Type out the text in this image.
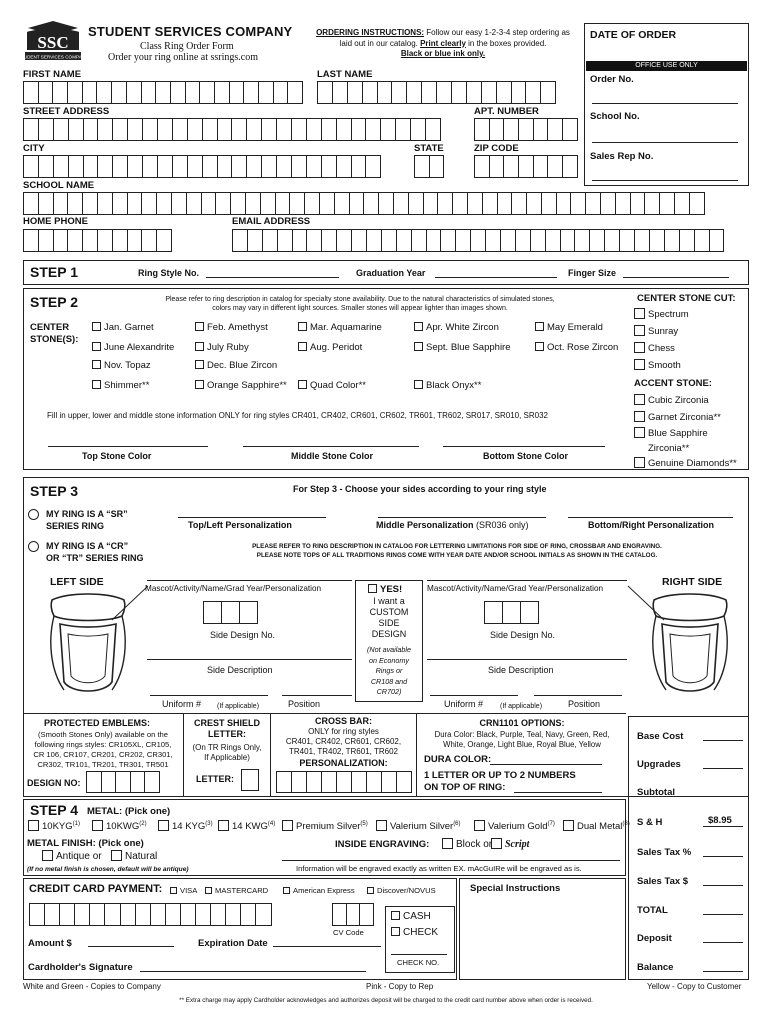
SSC
STUDENT SERVICES COMPANY
STUDENT SERVICES COMPANY
Class Ring Order Form
Order your ring online at ssrings.com
ORDERING INSTRUCTIONS: Follow our easy 1-2-3-4 step ordering as
laid out in our catalog. Print clearly in the boxes provided.
Black or blue ink only.
DATE OF ORDER
OFFICE USE ONLY
Order No.
School No.
Sales Rep No.
FIRST NAME	LAST NAME
STREET ADDRESS	APT. NUMBER
CITY	STATE	ZIP CODE
SCHOOL NAME
HOME PHONE	EMAIL ADDRESS
STEP 1	Ring Style No.	Graduation Year	Finger Size
STEP 2	Please refer to ring description in catalog for specialty stone availability. Due to the natural characteristics of simulated stones,
colors may vary in different light sources. Smaller stones will appear lighter than images shown.
CENTER
STONE(S):
Fill in upper, lower and middle stone information ONLY for ring styles CR401, CR402, CR601, CR602, TR601, TR602, SR017, SR010, SR032
Top Stone Color	Middle Stone Color	Bottom Stone Color
CENTER STONE CUT:
ACCENT STONE:
STEP 3	For Step 3 - Choose your sides according to your ring style
MY RING IS A “SR”
SERIES RING	Top/Left Personalization	Middle Personalization (SR036 only)	Bottom/Right Personalization
MY RING IS A “CR”
OR “TR” SERIES RING
PLEASE REFER TO RING DESCRIPTION IN CATALOG FOR LETTERING LIMITATIONS FOR SIDE OF RING, CROSSBAR AND ENGRAVING.
PLEASE NOTE TOPS OF ALL TRADITIONS RINGS COME WITH YEAR DATE AND/OR SCHOOL INITIALS AS SHOWN IN THE CATALOG.
LEFT SIDE	RIGHT SIDE
Mascot/Activity/Name/Grad Year/Personalization
Side Design No.
Side Description
Uniform # (If applicable)	Position
YES!
I want a
CUSTOM
SIDE
DESIGN
(Not available
on Economy
Rings or
CR108 and
CR702)
Mascot/Activity/Name/Grad Year/Personalization
Side Design No.
Side Description
Uniform # (If applicable)	Position
PROTECTED EMBLEMS:
(Smooth Stones Only) available on the
following rings styles: CR105XL, CR105,
CR 106, CR107, CR201, CR202, CR301,
CR302, TR101, TR201, TR301, TR501
DESIGN NO:
CREST SHIELD
LETTER:
(On TR Rings Only,
If Applicable)
LETTER:
CROSS BAR:
ONLY for ring styles
CR401, CR402, CR601, CR602,
TR401, TR402, TR601, TR602
PERSONALIZATION:
CRN1101 OPTIONS:
Dura Color: Black, Purple, Teal, Navy, Green, Red,
White, Orange, Light Blue, Royal Blue, Yellow
DURA COLOR:
1 LETTER OR UP TO 2 NUMBERS
ON TOP OF RING:
STEP 4 METAL: (Pick one)
METAL FINISH: (Pick one)
Antique or	Natural
(If no metal finish is chosen, default will be antique)
INSIDE ENGRAVING:	Block or	Script
Information will be engraved exactly as written EX. mAcGuIRe will be engraved as is.
CREDIT CARD PAYMENT:
CV Code
Amount $	Expiration Date
Cardholder's Signature
CASH
CHECK
CHECK NO.
Special Instructions
White and Green - Copies to Company	Pink - Copy to Rep	Yellow - Copy to Customer
** Extra charge may apply Cardholder acknowledges and authorizes deposit will be charged to the credit card number above when order is received.
Jan. Garnet	Feb. Amethyst	Mar. Aquamarine	Apr. White Zircon	May Emerald
June Alexandrite	July Ruby	Aug. Peridot	Sept. Blue Sapphire	Oct. Rose Zircon
Nov. Topaz	Dec. Blue Zircon
Shimmer**	Orange Sapphire**	Quad Color**	Black Onyx**
Spectrum
Sunray
Chess
Smooth
Cubic Zirconia
Garnet Zirconia**
Blue Sapphire
Zirconia**
Genuine Diamonds**
Base Cost
Upgrades
Subtotal
S & H
Sales Tax %
Sales Tax $
TOTAL
Deposit
Balance
$8.95
10KYG$^{(1)}$	10KWG$^{(2)}$	14 KYG$^{(3)}$	14 KWG$^{(4)}$	Premium Silver$^{(5)}$	Valerium Silver$^{(6)}$	Valerium Gold$^{(7)}$	Dual Metal$^{(8)}$
VISA	MASTERCARD	American Express	Discover/NOVUS
